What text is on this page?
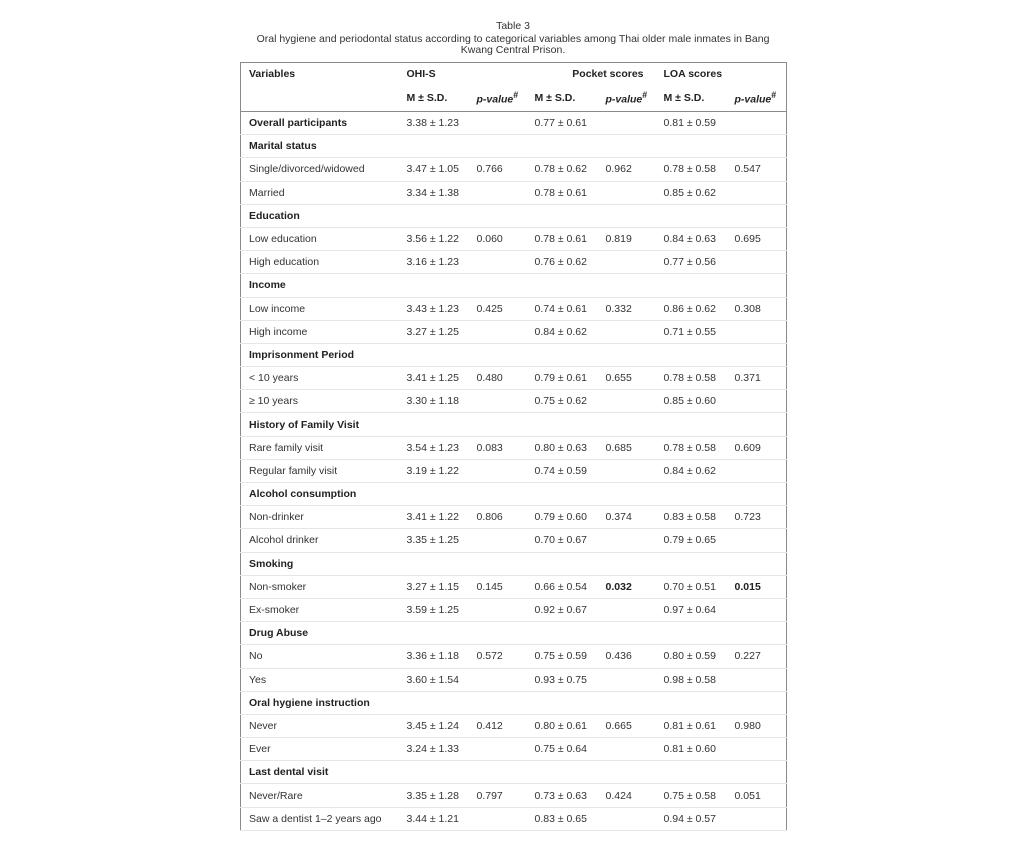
Table 3
Oral hygiene and periodontal status according to categorical variables among Thai older male inmates in Bang Kwang Central Prison.
Variables	OHI-S		Pocket scores		LOA scores	
	M ± S.D.	p-value#	M ± S.D.	p-value#	M ± S.D.	p-value#
Overall participants	3.38 ± 1.23		0.77 ± 0.61		0.81 ± 0.59	
Marital status						
Single/divorced/widowed	3.47 ± 1.05	0.766	0.78 ± 0.62	0.962	0.78 ± 0.58	0.547
Married	3.34 ± 1.38		0.78 ± 0.61		0.85 ± 0.62	
Education						
Low education	3.56 ± 1.22	0.060	0.78 ± 0.61	0.819	0.84 ± 0.63	0.695
High education	3.16 ± 1.23		0.76 ± 0.62		0.77 ± 0.56	
Income						
Low income	3.43 ± 1.23	0.425	0.74 ± 0.61	0.332	0.86 ± 0.62	0.308
High income	3.27 ± 1.25		0.84 ± 0.62		0.71 ± 0.55	
Imprisonment Period						
< 10 years	3.41 ± 1.25	0.480	0.79 ± 0.61	0.655	0.78 ± 0.58	0.371
≥ 10 years	3.30 ± 1.18		0.75 ± 0.62		0.85 ± 0.60	
History of Family Visit						
Rare family visit	3.54 ± 1.23	0.083	0.80 ± 0.63	0.685	0.78 ± 0.58	0.609
Regular family visit	3.19 ± 1.22		0.74 ± 0.59		0.84 ± 0.62	
Alcohol consumption						
Non-drinker	3.41 ± 1.22	0.806	0.79 ± 0.60	0.374	0.83 ± 0.58	0.723
Alcohol drinker	3.35 ± 1.25		0.70 ± 0.67		0.79 ± 0.65	
Smoking						
Non-smoker	3.27 ± 1.15	0.145	0.66 ± 0.54	0.032	0.70 ± 0.51	0.015
Ex-smoker	3.59 ± 1.25		0.92 ± 0.67		0.97 ± 0.64	
Drug Abuse						
No	3.36 ± 1.18	0.572	0.75 ± 0.59	0.436	0.80 ± 0.59	0.227
Yes	3.60 ± 1.54		0.93 ± 0.75		0.98 ± 0.58	
Oral hygiene instruction						
Never	3.45 ± 1.24	0.412	0.80 ± 0.61	0.665	0.81 ± 0.61	0.980
Ever	3.24 ± 1.33		0.75 ± 0.64		0.81 ± 0.60	
Last dental visit						
Never/Rare	3.35 ± 1.28	0.797	0.73 ± 0.63	0.424	0.75 ± 0.58	0.051
Saw a dentist 1–2 years ago	3.44 ± 1.21		0.83 ± 0.65		0.94 ± 0.57	
